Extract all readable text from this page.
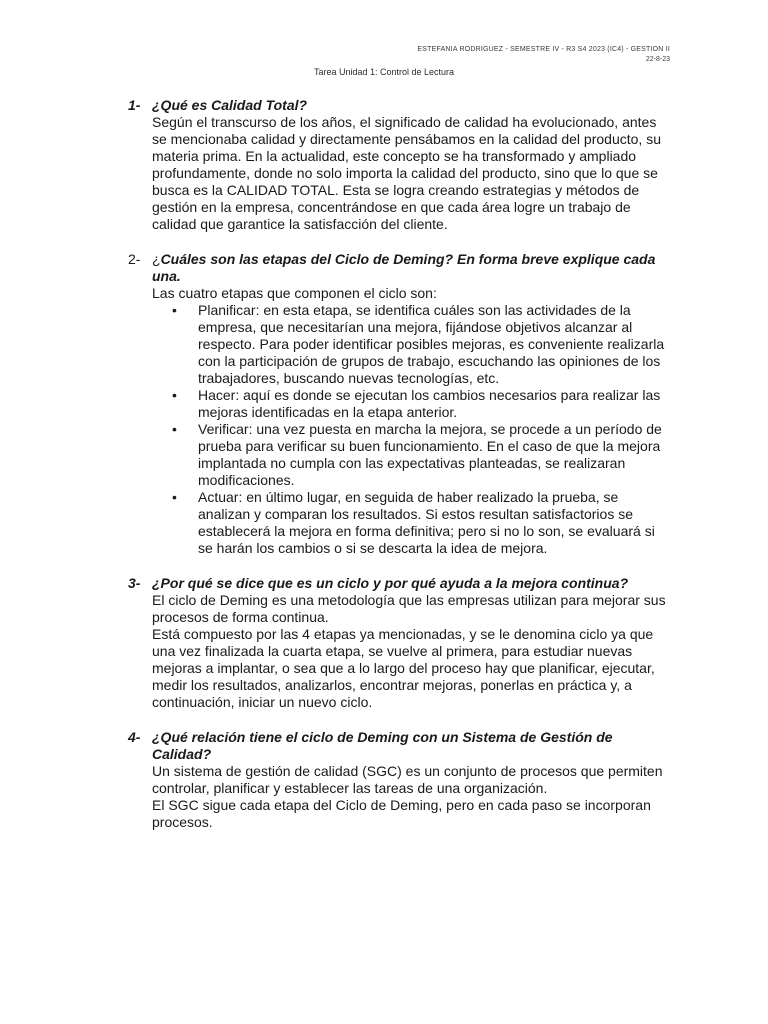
ESTEFANIA RODRIGUEZ - SEMESTRE IV - R3 S4 2023 (IC4) - GESTION II
22-8-23
Tarea Unidad 1: Control de Lectura
1- ¿Qué es Calidad Total?

Según el transcurso de los años, el significado de calidad ha evolucionado, antes se mencionaba calidad y directamente pensábamos en la calidad del producto, su materia prima. En la actualidad, este concepto se ha transformado y ampliado profundamente, donde no solo importa la calidad del producto, sino que lo que se busca es la CALIDAD TOTAL. Esta se logra creando estrategias y métodos de gestión en la empresa, concentrándose en que cada área logre un trabajo de calidad que garantice la satisfacción del cliente.

2- ¿Cuáles son las etapas del Ciclo de Deming? En forma breve explique cada una.

Las cuatro etapas que componen el ciclo son:

• Planificar: en esta etapa, se identifica cuáles son las actividades de la empresa, que necesitarían una mejora, fijándose objetivos alcanzar al respecto. Para poder identificar posibles mejoras, es conveniente realizarla con la participación de grupos de trabajo, escuchando las opiniones de los trabajadores, buscando nuevas tecnologías, etc.
• Hacer: aquí es donde se ejecutan los cambios necesarios para realizar las mejoras identificadas en la etapa anterior.
• Verificar: una vez puesta en marcha la mejora, se procede a un período de prueba para verificar su buen funcionamiento. En el caso de que la mejora implantada no cumpla con las expectativas planteadas, se realizaran modificaciones.
• Actuar: en último lugar, en seguida de haber realizado la prueba, se analizan y comparan los resultados. Si estos resultan satisfactorios se establecerá la mejora en forma definitiva; pero si no lo son, se evaluará si se harán los cambios o si se descarta la idea de mejora.
3- ¿Por qué se dice que es un ciclo y por qué ayuda a la mejora continua?

El ciclo de Deming es una metodología que las empresas utilizan para mejorar sus procesos de forma continua.

Está compuesto por las 4 etapas ya mencionadas, y se le denomina ciclo ya que una vez finalizada la cuarta etapa, se vuelve al primera, para estudiar nuevas mejoras a implantar, o sea que a lo largo del proceso hay que planificar, ejecutar, medir los resultados, analizarlos, encontrar mejoras, ponerlas en práctica y, a continuación, iniciar un nuevo ciclo.

4- ¿Qué relación tiene el ciclo de Deming con un Sistema de Gestión de Calidad?

Un sistema de gestión de calidad (SGC) es un conjunto de procesos que permiten controlar, planificar y establecer las tareas de una organización.

El SGC sigue cada etapa del Ciclo de Deming, pero en cada paso se incorporan procesos.
